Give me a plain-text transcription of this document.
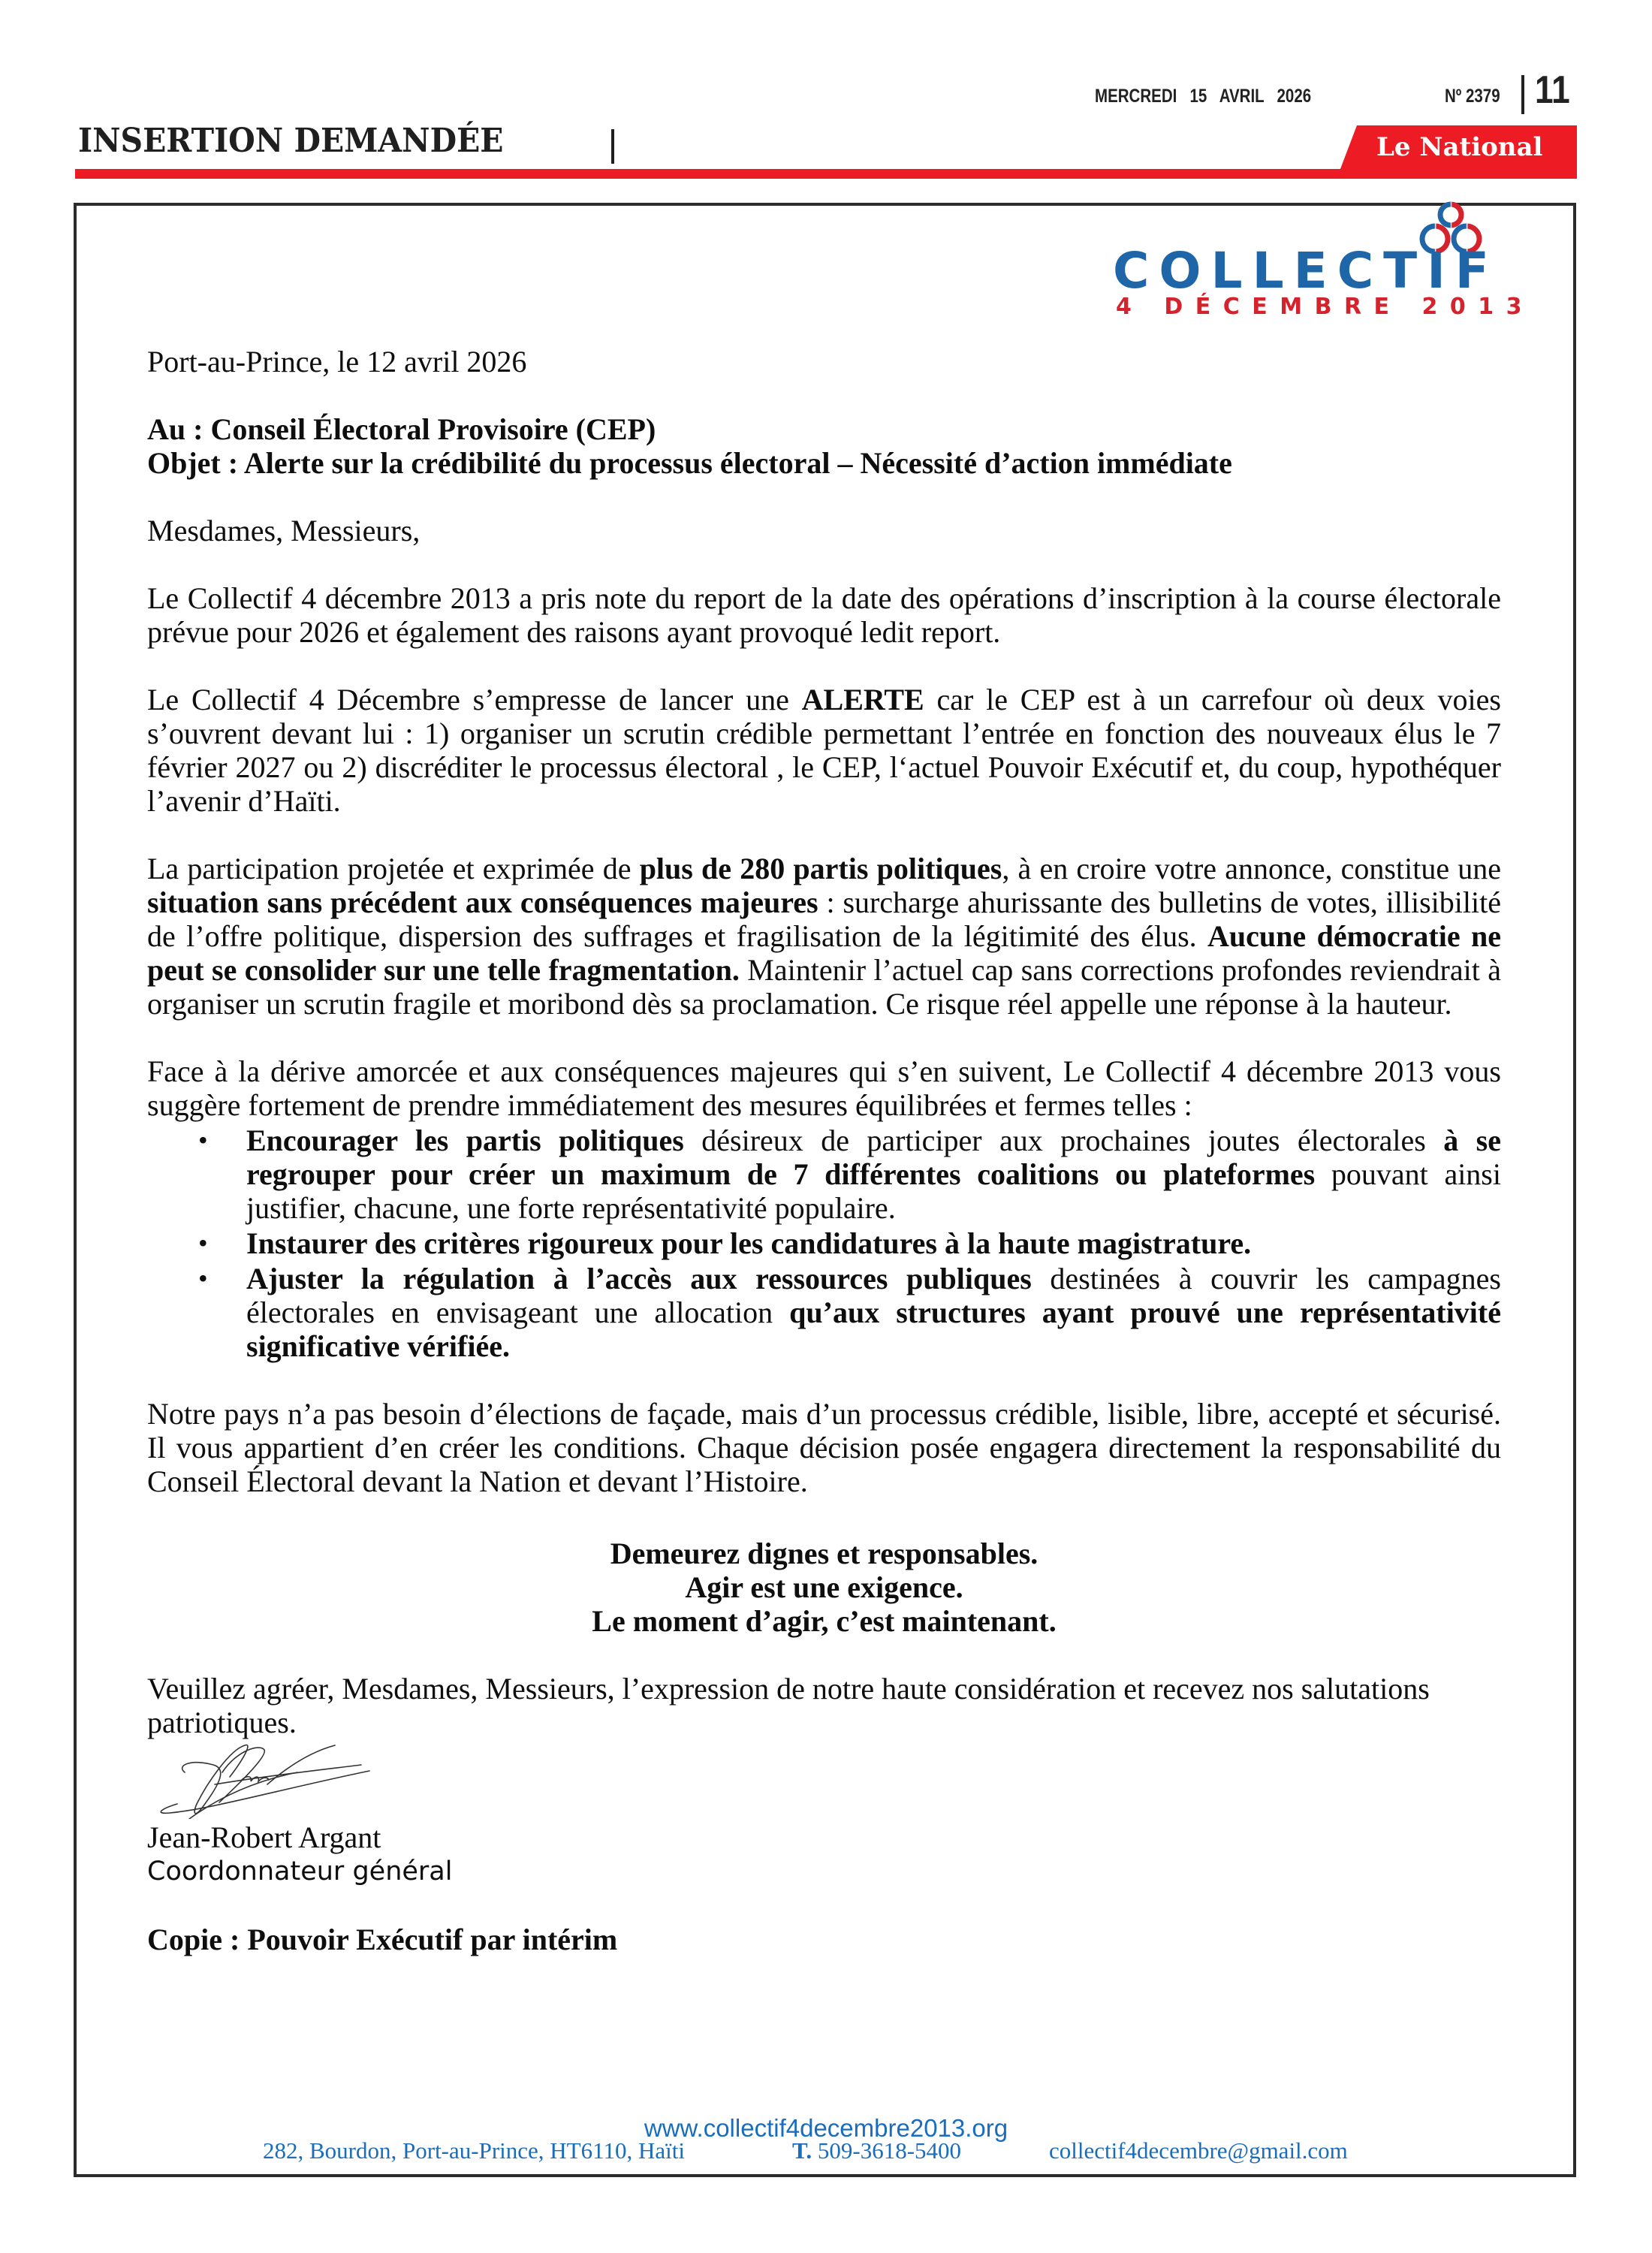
INSERTION DEMANDÉE
MERCREDI 15 AVRIL 2026	Nº 2379 11
Le National
COLLECTIF
4 DÉCEMBRE 2013

Port-au-Prince, le 12 avril 2026

Au : Conseil Électoral Provisoire (CEP)

Objet : Alerte sur la crédibilité du processus électoral – Nécessité d’action immédiate

Mesdames, Messieurs,

Le Collectif 4 décembre 2013 a pris note du report de la date des opérations d’inscription à la course électorale prévue pour 2026 et également des raisons ayant provoqué ledit report.

Le Collectif 4 Décembre s’empresse de lancer une ALERTE car le CEP est à un carrefour où deux voies s’ouvrent devant lui : 1) organiser un scrutin crédible permettant l’entrée en fonction des nouveaux élus le 7 février 2027 ou 2) discréditer le processus électoral , le CEP, l‘actuel Pouvoir Exécutif et, du coup, hypothéquer l’avenir d’Haïti.

La participation projetée et exprimée de plus de 280 partis politiques, à en croire votre annonce, constitue une situation sans précédent aux conséquences majeures : surcharge ahurissante des bulletins de votes, illisibilité de l’offre politique, dispersion des suffrages et fragilisation de la légitimité des élus. Aucune démocratie ne peut se consolider sur une telle fragmentation. Maintenir l’actuel cap sans corrections profondes reviendrait à organiser un scrutin fragile et moribond dès sa proclamation. Ce risque réel appelle une réponse à la hauteur.

Face à la dérive amorcée et aux conséquences majeures qui s’en suivent, Le Collectif 4 décembre 2013 vous suggère fortement de prendre immédiatement des mesures équilibrées et fermes telles :

• Encourager les partis politiques désireux de participer aux prochaines joutes électorales à se regrouper pour créer un maximum de 7 différentes coalitions ou plateformes pouvant ainsi justifier, chacune, une forte représentativité populaire.
• Instaurer des critères rigoureux pour les candidatures à la haute magistrature.
• Ajuster la régulation à l’accès aux ressources publiques destinées à couvrir les campagnes électorales en envisageant une allocation qu’aux structures ayant prouvé une représentativité significative vérifiée.

Notre pays n’a pas besoin d’élections de façade, mais d’un processus crédible, lisible, libre, accepté et sécurisé. Il vous appartient d’en créer les conditions. Chaque décision posée engagera directement la responsabilité du Conseil Électoral devant la Nation et devant l’Histoire.

Demeurez dignes et responsables.

Agir est une exigence.

Le moment d’agir, c’est maintenant.

Veuillez agréer, Mesdames, Messieurs, l’expression de notre haute considération et recevez nos salutations patriotiques.

Jean-Robert Argant

Coordonnateur général

Copie : Pouvoir Exécutif par intérim

www.collectif4decembre2013.org
282, Bourdon, Port-au-Prince, HT6110, Haïti	T. 509-3618-5400	collectif4decembre@gmail.com
